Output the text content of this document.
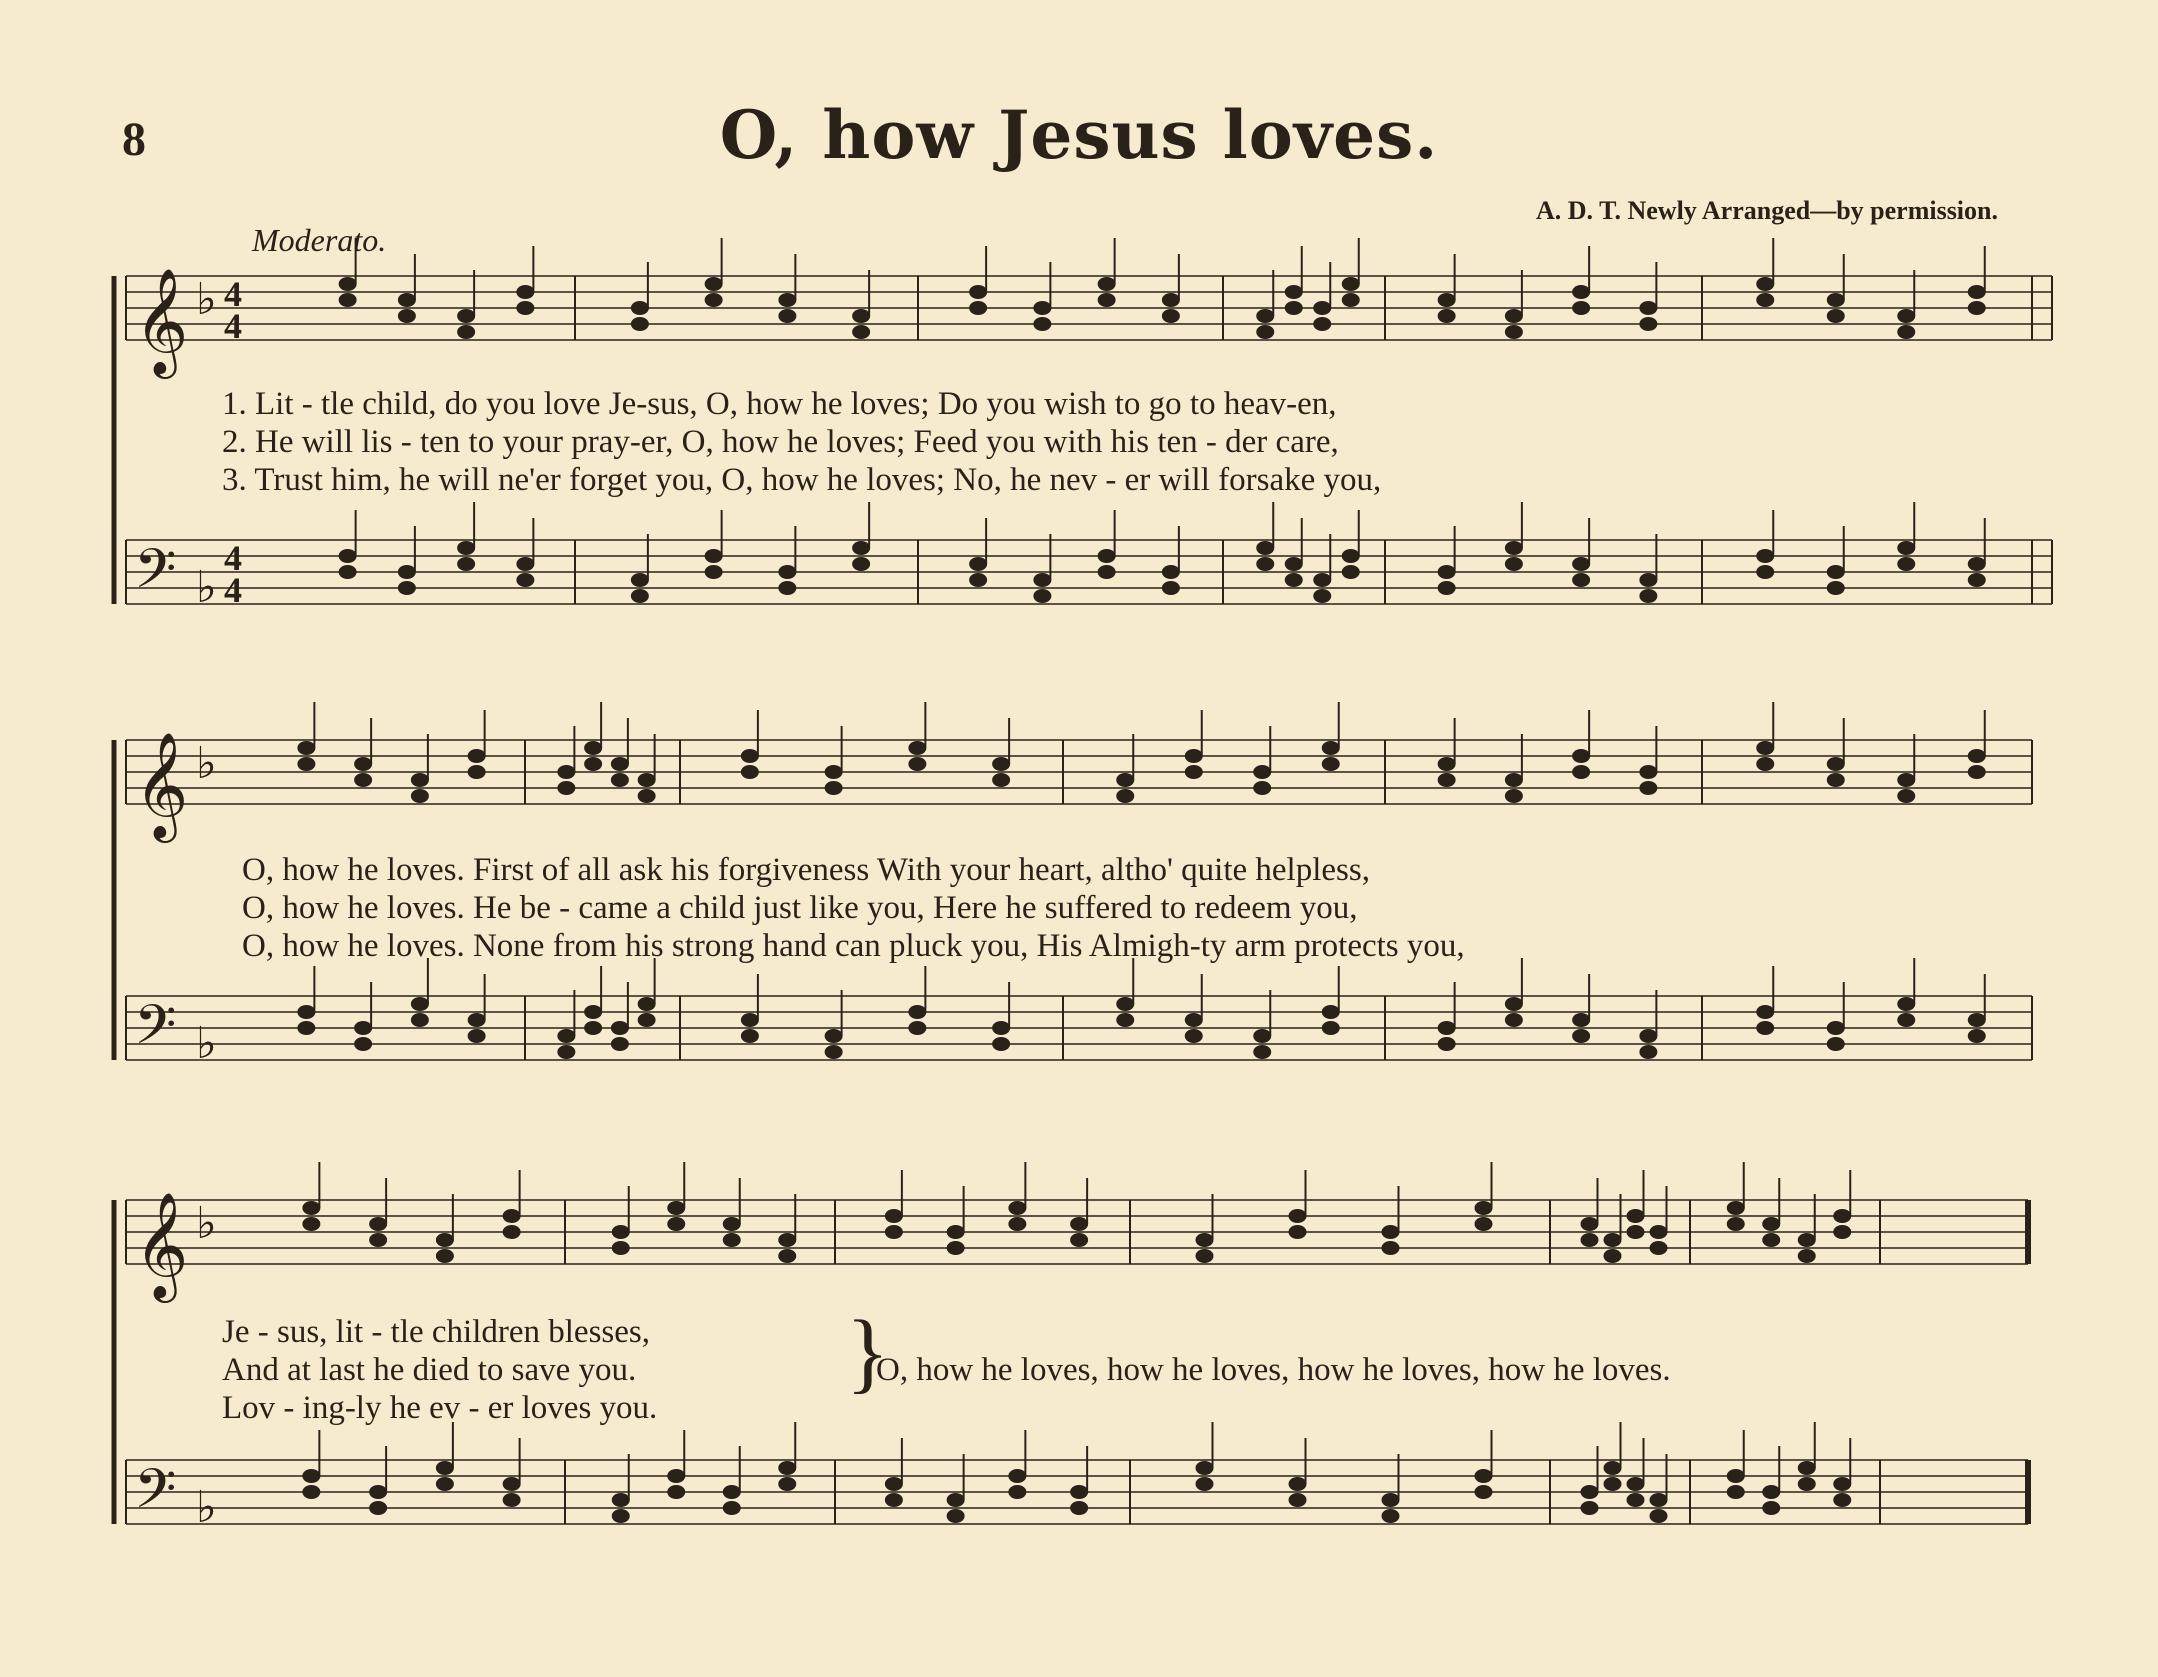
8	O, how Jesus loves.
A. D. T. Newly Arranged—by permission.
Moderato.
𝄞 ♭ 4
4
𝄢 ♭
4
4
𝄞 ♭
𝄢 ♭
𝄞 ♭
𝄢 ♭
1. Lit - tle child, do you love Je-sus, O, how he loves; Do you wish to go to heav-en,
2. He will lis - ten to your pray-er, O, how he loves; Feed you with his ten - der care,
3. Trust him, he will ne'er forget you, O, how he loves; No, he nev - er will forsake you,
O, how he loves. First of all ask his forgiveness With your heart, altho' quite helpless,
O, how he loves. He be - came a child just like you, Here he suffered to redeem you,
O, how he loves. None from his strong hand can pluck you, His Almigh-ty arm protects you,
Je - sus, lit - tle children blesses,
And at last he died to save you.
Lov - ing-ly he ev - er loves you.
}
O, how he loves, how he loves, how he loves, how he loves.
